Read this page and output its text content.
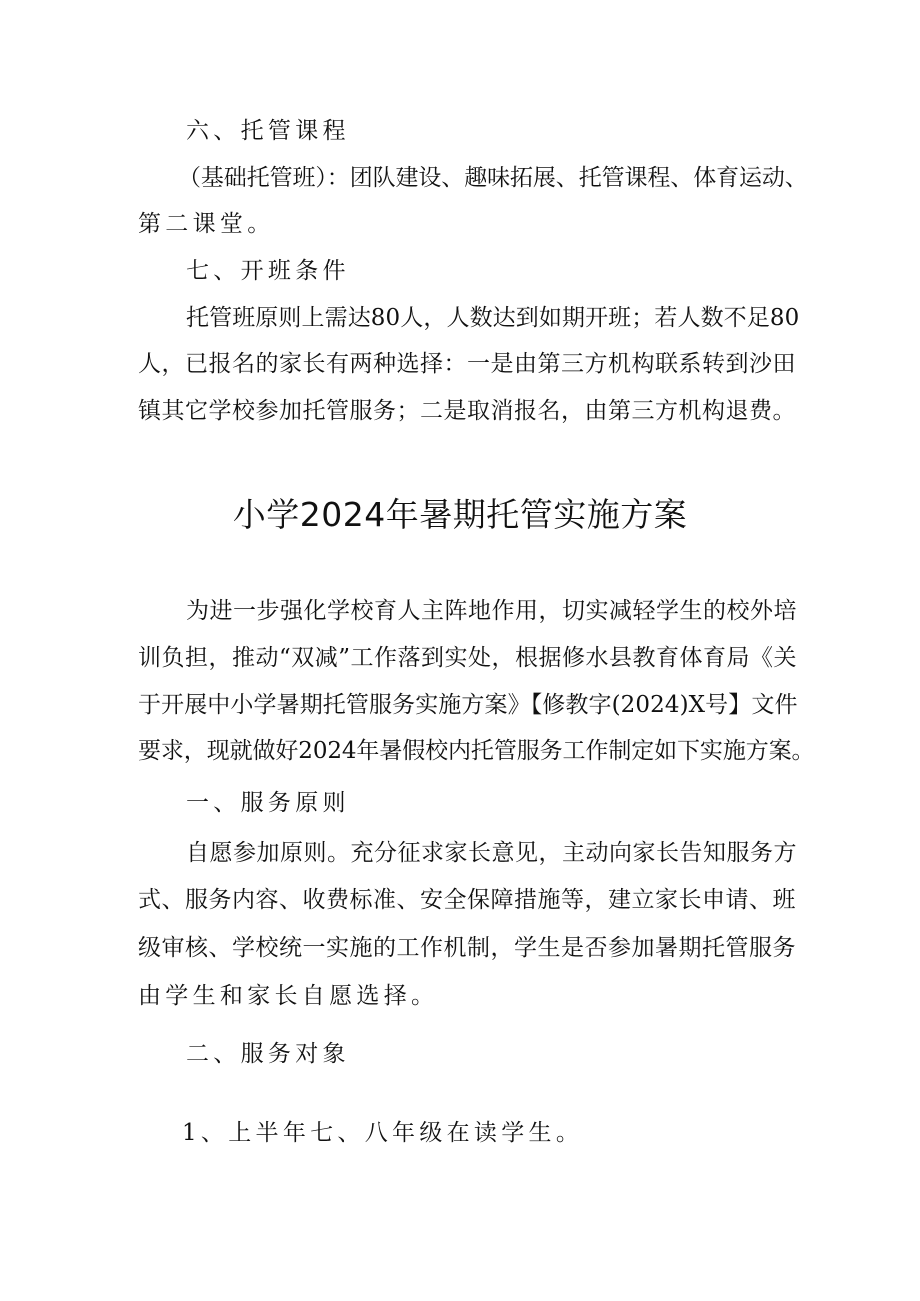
六、托管课程
（基础托管班）：团队建设、趣味拓展、托管课程、体育运动、
第二课堂。
七、开班条件
托管班原则上需达80人，人数达到如期开班；若人数不足80
人，已报名的家长有两种选择：一是由第三方机构联系转到沙田
镇其它学校参加托管服务；二是取消报名，由第三方机构退费。
小学2024年暑期托管实施方案
为进一步强化学校育人主阵地作用，切实减轻学生的校外培
训负担，推动“双减”工作落到实处，根据修水县教育体育局《关
于开展中小学暑期托管服务实施方案》【修教字(2024)X号】文件
要求，现就做好2024年暑假校内托管服务工作制定如下实施方案。
一、服务原则
自愿参加原则。充分征求家长意见，主动向家长告知服务方
式、服务内容、收费标准、安全保障措施等，建立家长申请、班
级审核、学校统一实施的工作机制，学生是否参加暑期托管服务
由学生和家长自愿选择。
二、服务对象
1、上半年七、八年级在读学生。
